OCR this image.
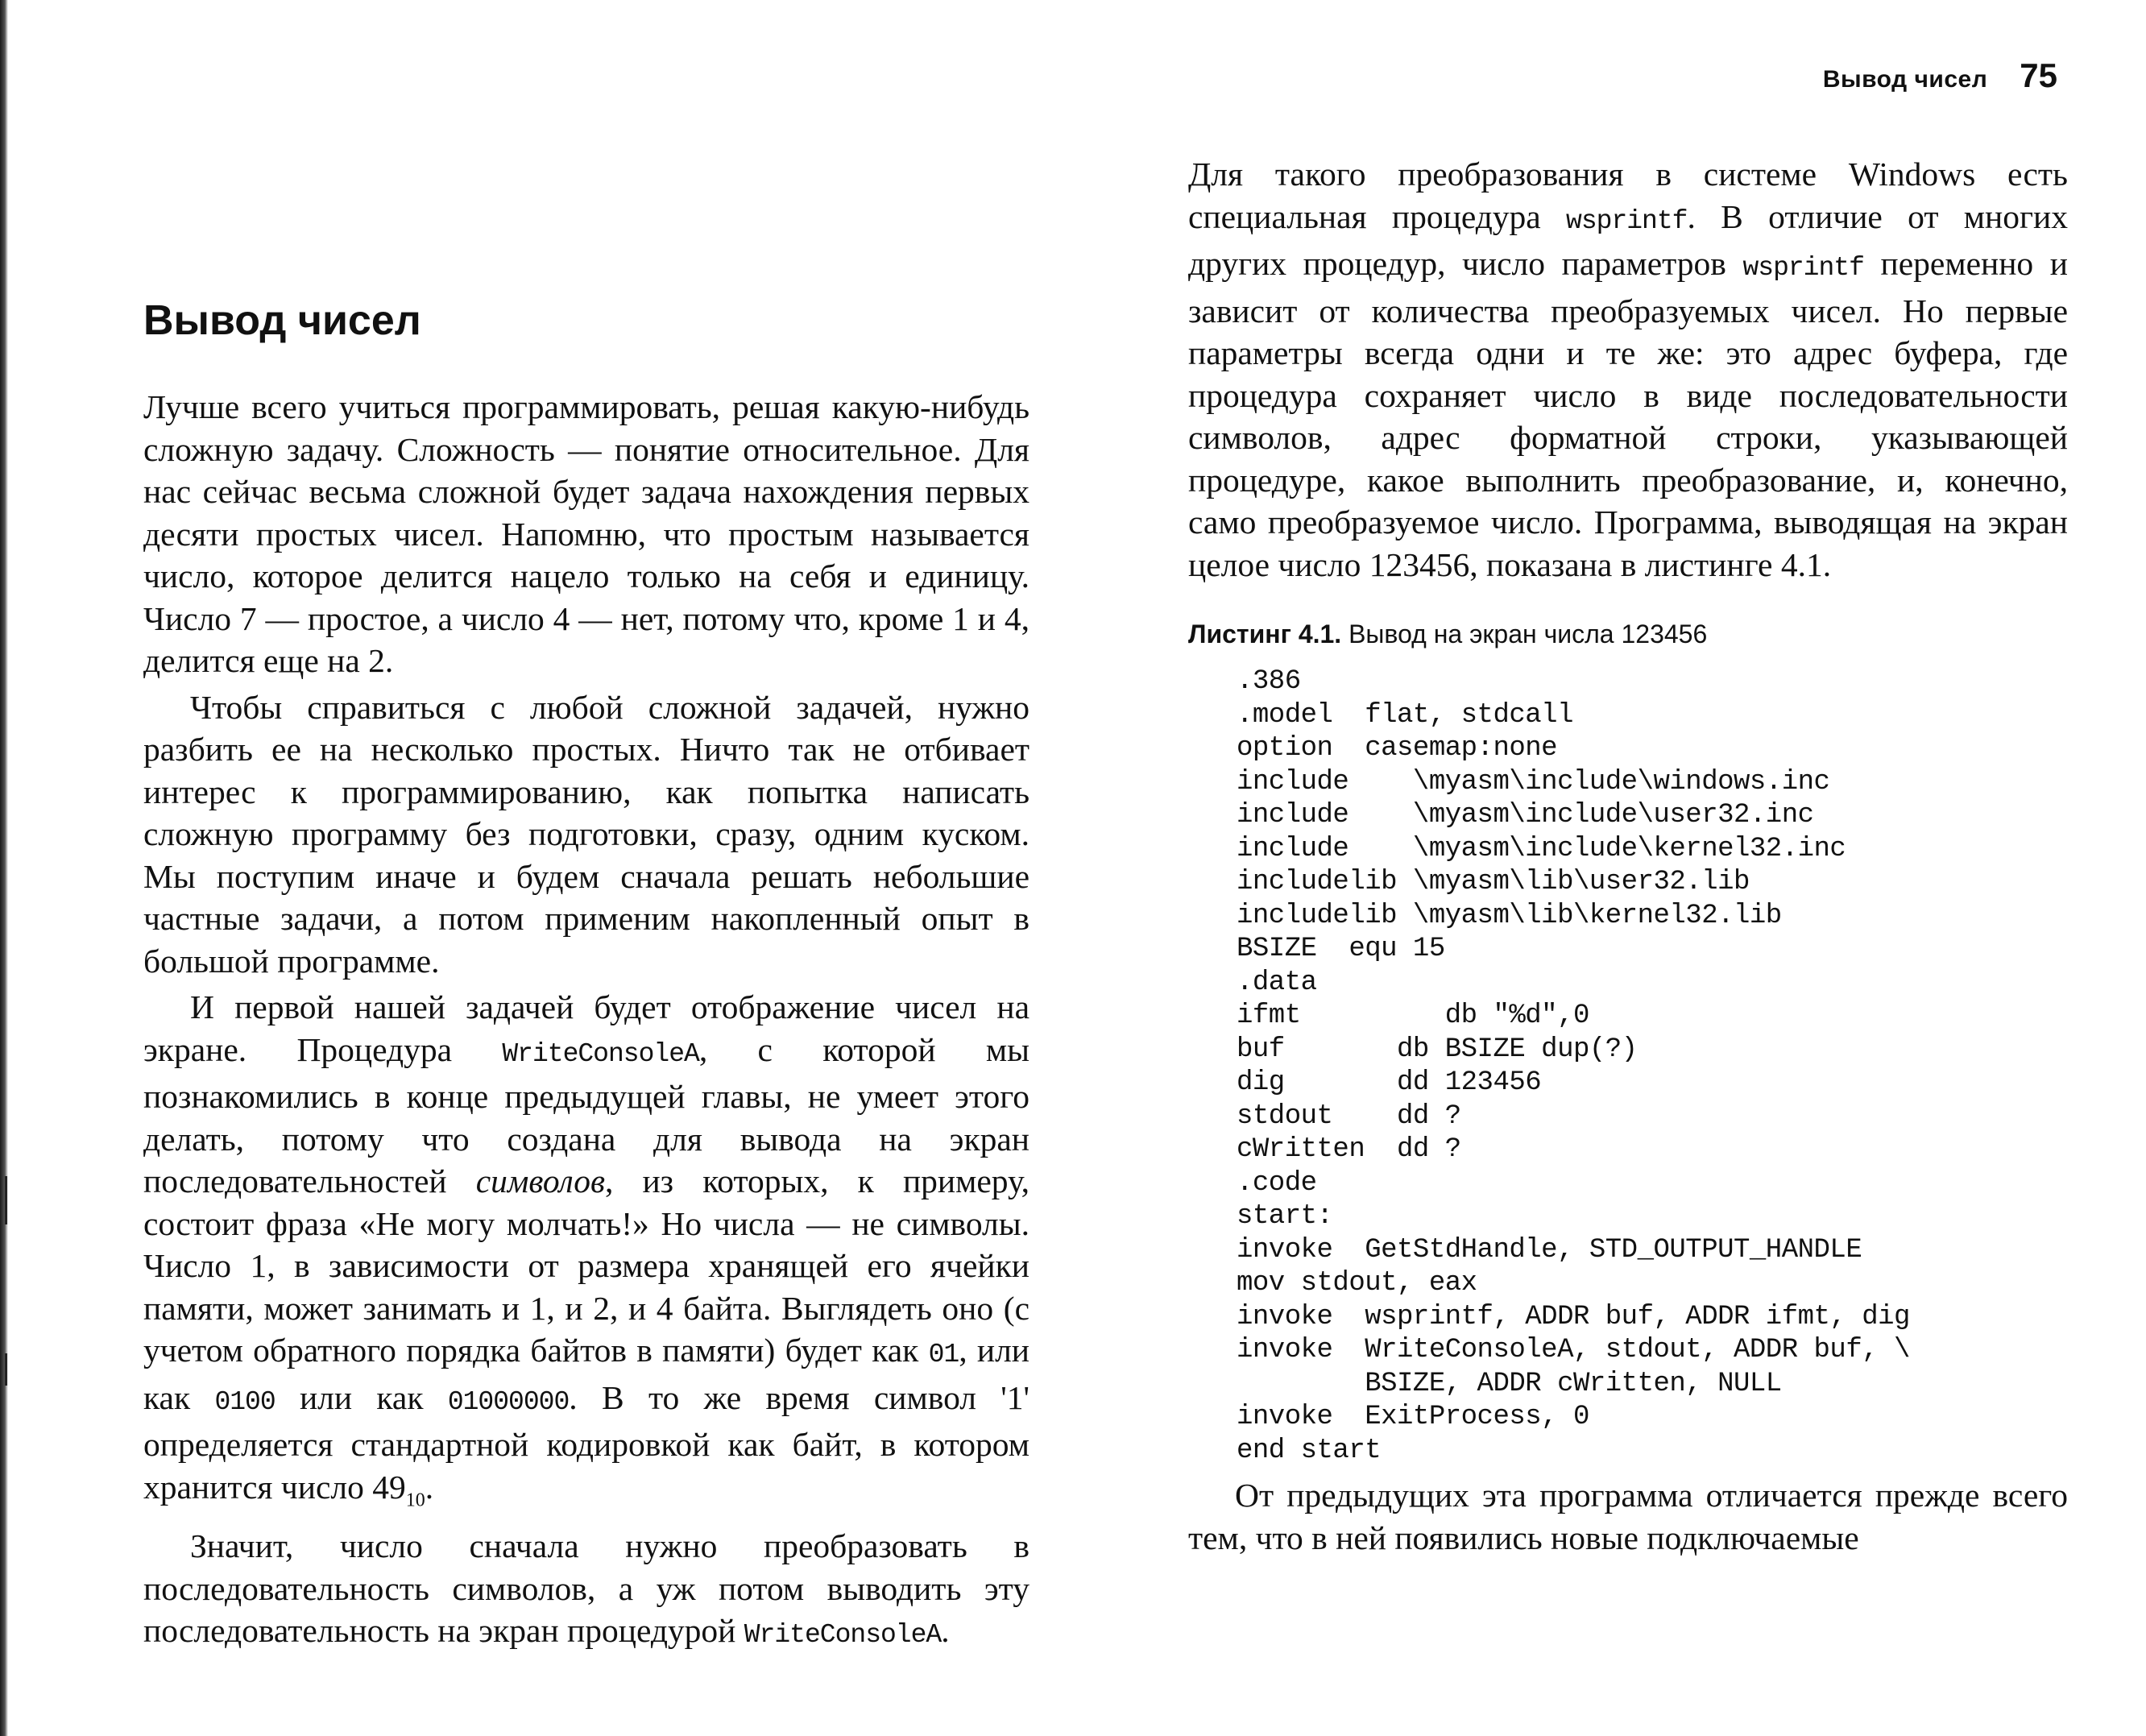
Вывод чисел 75
Вывод чисел

Лучше всего учиться программировать, решая какую-нибудь сложную задачу. Сложность — понятие относительное. Для нас сейчас весьма сложной будет задача нахождения первых десяти простых чисел. Напомню, что простым называется число, которое делится нацело только на себя и единицу. Число 7 — простое, а число 4 — нет, потому что, кроме 1 и 4, делится еще на 2.

Чтобы справиться с любой сложной задачей, нужно разбить ее на несколько простых. Ничто так не отбивает интерес к программированию, как попытка написать сложную программу без подготовки, сразу, одним куском. Мы поступим иначе и будем сначала решать небольшие частные задачи, а потом применим накопленный опыт в большой программе.

И первой нашей задачей будет отображение чисел на экране. Процедура WriteConsoleA, с которой мы познакомились в конце предыдущей главы, не умеет этого делать, потому что создана для вывода на экран последовательностей символов, из которых, к примеру, состоит фраза «Не могу молчать!» Но числа — не символы. Число 1, в зависимости от размера хранящей его ячейки памяти, может занимать и 1, и 2, и 4 байта. Выглядеть оно (с учетом обратного порядка байтов в памяти) будет как 01, или как 0100 или как 01000000. В то же время символ '1' определяется стандартной кодировкой как байт, в котором хранится число $49_{10}$.

Значит, число сначала нужно преобразовать в последовательность символов, а уж потом выводить эту последовательность на экран процедурой WriteConsoleA.

Для такого преобразования в системе Windows есть специальная процедура wsprintf. В отличие от многих других процедур, число параметров wsprintf переменно и зависит от количества преобразуемых чисел. Но первые параметры всегда одни и те же: это адрес буфера, где процедура сохраняет число в виде последовательности символов, адрес форматной строки, указывающей процедуре, какое выполнить преобразование, и, конечно, само преобразуемое число. Программа, выводящая на экран целое число 123456, показана в листинге 4.1.

Листинг 4.1. Вывод на экран числа 123456
.386
.model  flat, stdcall
option  casemap:none
include    \myasm\include\windows.inc
include    \myasm\include\user32.inc
include    \myasm\include\kernel32.inc
includelib \myasm\lib\user32.lib
includelib \myasm\lib\kernel32.lib
BSIZE  equ 15
.data
ifmt         db "%d",0
buf       db BSIZE dup(?)
dig       dd 123456
stdout    dd ?
cWritten  dd ?
.code
start:
invoke  GetStdHandle, STD_OUTPUT_HANDLE
mov stdout, eax
invoke  wsprintf, ADDR buf, ADDR ifmt, dig
invoke  WriteConsoleA, stdout, ADDR buf, \
BSIZE, ADDR cWritten, NULL
invoke  ExitProcess, 0
end start

От предыдущих эта программа отличается прежде всего тем, что в ней появились новые подключаемые
